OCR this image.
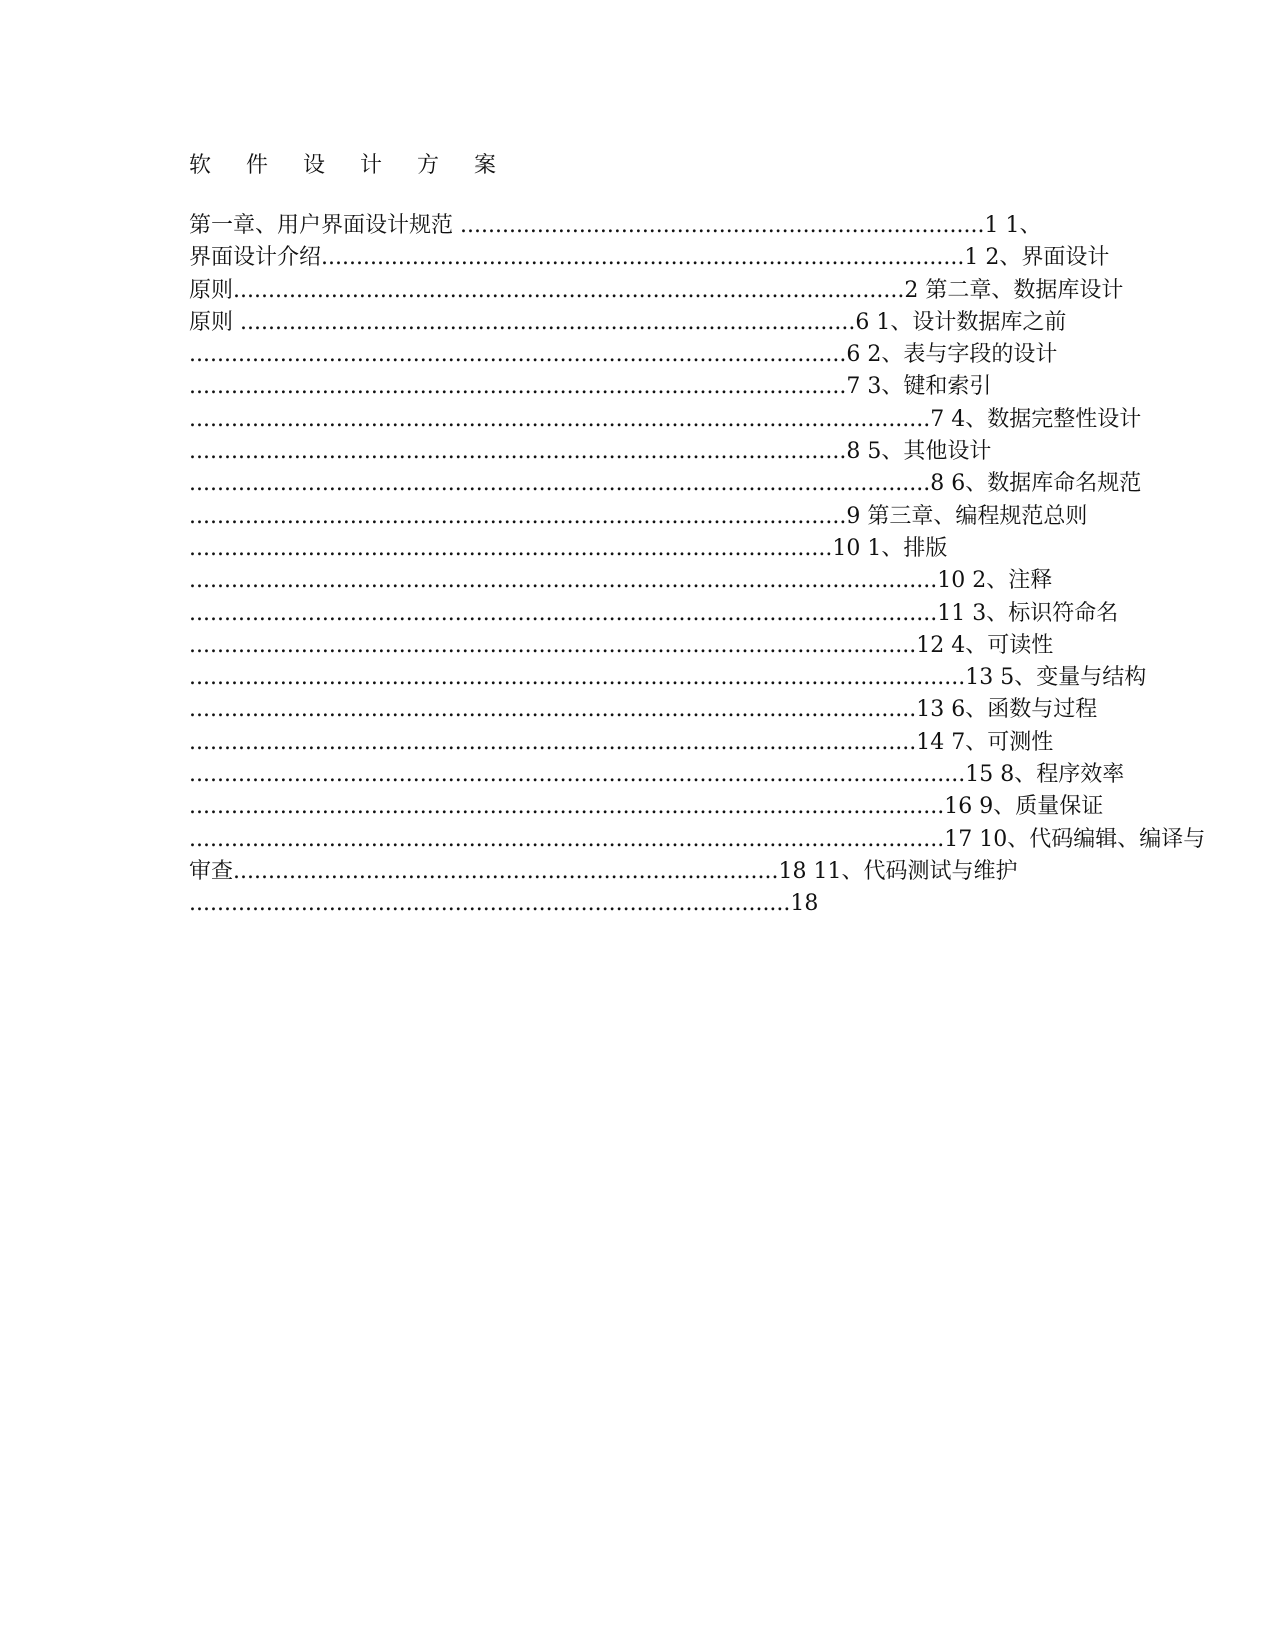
软 件 设 计 方 案
第一章、用户界面设计规范 ...........................................................................1 1、
界面设计介绍............................................................................................1 2、界面设计
原则................................................................................................2 第二章、数据库设计
原则 ........................................................................................6 1、设计数据库之前
..............................................................................................6 2、表与字段的设计
..............................................................................................7 3、键和索引
..........................................................................................................7 4、数据完整性设计
..............................................................................................8 5、其他设计
..........................................................................................................8 6、数据库命名规范
..............................................................................................9 第三章、编程规范总则
............................................................................................10 1、排版
...........................................................................................................10 2、注释
...........................................................................................................11 3、标识符命名
........................................................................................................12 4、可读性
...............................................................................................................13 5、变量与结构
........................................................................................................13 6、函数与过程
........................................................................................................14 7、可测性
...............................................................................................................15 8、程序效率
............................................................................................................16 9、质量保证
............................................................................................................17 10、代码编辑、编译与
审查..............................................................................18 11、代码测试与维护
......................................................................................18
